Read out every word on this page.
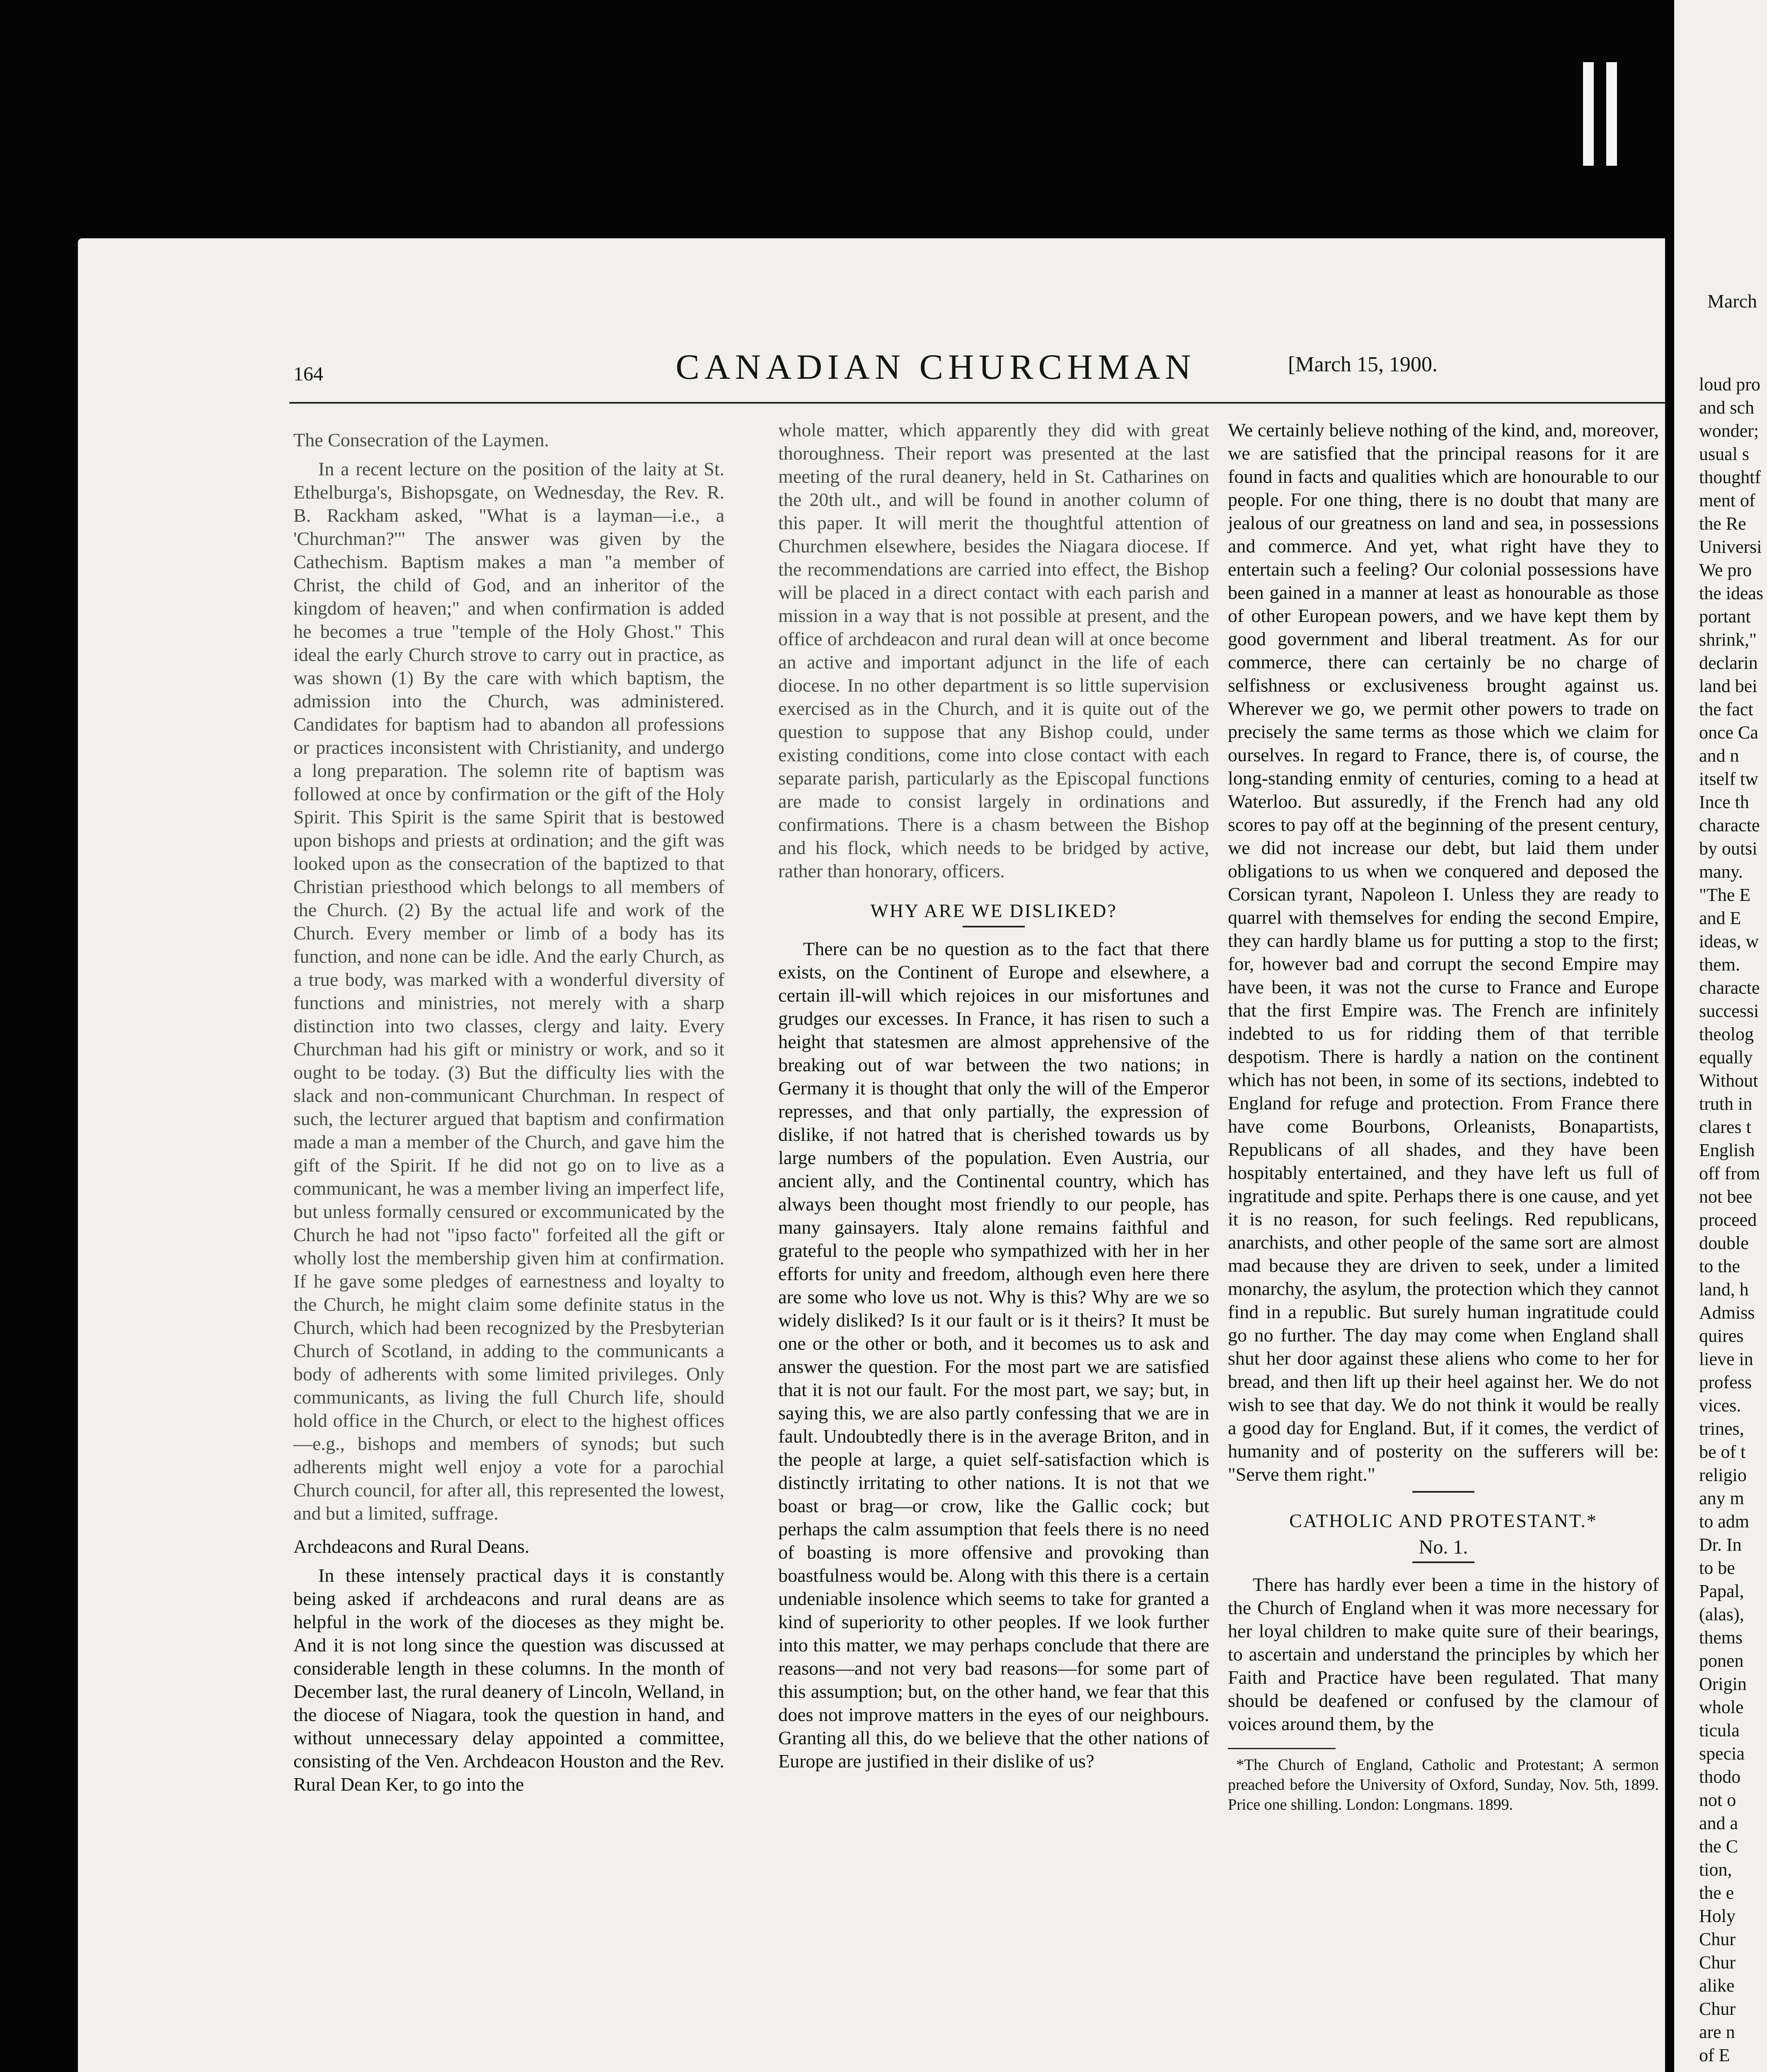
March
loud pro
and sch
wonder;
usual s
thoughtf
ment of
the Re
Universi
We pro
the ideas
portant
shrink,"
declarin
land bei
the fact
once Ca
and n
itself tw
Ince th
characte
by outsi
many.
"The E
and E
ideas, w
them.
characte
successi
theolog
equally
Without
truth in
clares t
English
off from
not bee
proceed
double
to the
land, h
Admiss
quires
lieve in
profess
vices.
trines,
be of t
religio
any m
to adm
Dr. In
to be
Papal,
(alas),
thems
ponen
Origin
whole
ticula
specia
thodo
not o
and a
the C
tion,
the e
Holy
Chur
Chur
alike
Chur
are n
of E
164	CANADIAN CHURCHMAN	[March 15, 1900.
The Consecration of the Laymen.

In a recent lecture on the position of the laity at St. Ethelburga's, Bishopsgate, on Wednesday, the Rev. R. B. Rackham asked, "What is a layman—i.e., a 'Churchman?'" The answer was given by the Cathechism. Baptism makes a man "a member of Christ, the child of God, and an inheritor of the kingdom of heaven;" and when confirmation is added he becomes a true "temple of the Holy Ghost." This ideal the early Church strove to carry out in practice, as was shown (1) By the care with which baptism, the admission into the Church, was administered. Candidates for baptism had to abandon all professions or practices inconsistent with Christianity, and undergo a long preparation. The solemn rite of baptism was followed at once by confirmation or the gift of the Holy Spirit. This Spirit is the same Spirit that is bestowed upon bishops and priests at ordination; and the gift was looked upon as the consecration of the baptized to that Christian priesthood which belongs to all members of the Church. (2) By the actual life and work of the Church. Every member or limb of a body has its function, and none can be idle. And the early Church, as a true body, was marked with a wonderful diversity of functions and ministries, not merely with a sharp distinction into two classes, clergy and laity. Every Churchman had his gift or ministry or work, and so it ought to be today. (3) But the difficulty lies with the slack and non-communicant Churchman. In respect of such, the lecturer argued that baptism and confirmation made a man a member of the Church, and gave him the gift of the Spirit. If he did not go on to live as a communicant, he was a member living an imperfect life, but unless formally censured or excommunicated by the Church he had not "ipso facto" forfeited all the gift or wholly lost the membership given him at confirmation. If he gave some pledges of earnestness and loyalty to the Church, he might claim some definite status in the Church, which had been recognized by the Presbyterian Church of Scotland, in adding to the communicants a body of adherents with some limited privileges. Only communicants, as living the full Church life, should hold office in the Church, or elect to the highest offices—e.g., bishops and members of synods; but such adherents might well enjoy a vote for a parochial Church council, for after all, this represented the lowest, and but a limited, suffrage.

Archdeacons and Rural Deans.

In these intensely practical days it is constantly being asked if archdeacons and rural deans are as helpful in the work of the dioceses as they might be. And it is not long since the question was discussed at considerable length in these columns. In the month of December last, the rural deanery of Lincoln, Welland, in the diocese of Niagara, took the question in hand, and without unnecessary delay appointed a committee, consisting of the Ven. Archdeacon Houston and the Rev. Rural Dean Ker, to go into the

whole matter, which apparently they did with great thoroughness. Their report was presented at the last meeting of the rural deanery, held in St. Catharines on the 20th ult., and will be found in another column of this paper. It will merit the thoughtful attention of Churchmen elsewhere, besides the Niagara diocese. If the recommendations are carried into effect, the Bishop will be placed in a direct contact with each parish and mission in a way that is not possible at present, and the office of archdeacon and rural dean will at once become an active and important adjunct in the life of each diocese. In no other department is so little supervision exercised as in the Church, and it is quite out of the question to suppose that any Bishop could, under existing conditions, come into close contact with each separate parish, particularly as the Episcopal functions are made to consist largely in ordinations and confirmations. There is a chasm between the Bishop and his flock, which needs to be bridged by active, rather than honorary, officers.

WHY ARE WE DISLIKED?

There can be no question as to the fact that there exists, on the Continent of Europe and elsewhere, a certain ill-will which rejoices in our misfortunes and grudges our excesses. In France, it has risen to such a height that statesmen are almost apprehensive of the breaking out of war between the two nations; in Germany it is thought that only the will of the Emperor represses, and that only partially, the expression of dislike, if not hatred that is cherished towards us by large numbers of the population. Even Austria, our ancient ally, and the Continental country, which has always been thought most friendly to our people, has many gainsayers. Italy alone remains faithful and grateful to the people who sympathized with her in her efforts for unity and freedom, although even here there are some who love us not. Why is this? Why are we so widely disliked? Is it our fault or is it theirs? It must be one or the other or both, and it becomes us to ask and answer the question. For the most part we are satisfied that it is not our fault. For the most part, we say; but, in saying this, we are also partly confessing that we are in fault. Undoubtedly there is in the average Briton, and in the people at large, a quiet self-satisfaction which is distinctly irritating to other nations. It is not that we boast or brag—or crow, like the Gallic cock; but perhaps the calm assumption that feels there is no need of boasting is more offensive and provoking than boastfulness would be. Along with this there is a certain undeniable insolence which seems to take for granted a kind of superiority to other peoples. If we look further into this matter, we may perhaps conclude that there are reasons—and not very bad reasons—for some part of this assumption; but, on the other hand, we fear that this does not improve matters in the eyes of our neighbours. Granting all this, do we believe that the other nations of Europe are justified in their dislike of us?

We certainly believe nothing of the kind, and, moreover, we are satisfied that the principal reasons for it are found in facts and qualities which are honourable to our people. For one thing, there is no doubt that many are jealous of our greatness on land and sea, in possessions and commerce. And yet, what right have they to entertain such a feeling? Our colonial possessions have been gained in a manner at least as honourable as those of other European powers, and we have kept them by good government and liberal treatment. As for our commerce, there can certainly be no charge of selfishness or exclusiveness brought against us. Wherever we go, we permit other powers to trade on precisely the same terms as those which we claim for ourselves. In regard to France, there is, of course, the long-standing enmity of centuries, coming to a head at Waterloo. But assuredly, if the French had any old scores to pay off at the beginning of the present century, we did not increase our debt, but laid them under obligations to us when we conquered and deposed the Corsican tyrant, Napoleon I. Unless they are ready to quarrel with themselves for ending the second Empire, they can hardly blame us for putting a stop to the first; for, however bad and corrupt the second Empire may have been, it was not the curse to France and Europe that the first Empire was. The French are infinitely indebted to us for ridding them of that terrible despotism. There is hardly a nation on the continent which has not been, in some of its sections, indebted to England for refuge and protection. From France there have come Bourbons, Orleanists, Bonapartists, Republicans of all shades, and they have been hospitably entertained, and they have left us full of ingratitude and spite. Perhaps there is one cause, and yet it is no reason, for such feelings. Red republicans, anarchists, and other people of the same sort are almost mad because they are driven to seek, under a limited monarchy, the asylum, the protection which they cannot find in a republic. But surely human ingratitude could go no further. The day may come when England shall shut her door against these aliens who come to her for bread, and then lift up their heel against her. We do not wish to see that day. We do not think it would be really a good day for England. But, if it comes, the verdict of humanity and of posterity on the sufferers will be: "Serve them right."

CATHOLIC AND PROTESTANT.*
No. 1.

There has hardly ever been a time in the history of the Church of England when it was more necessary for her loyal children to make quite sure of their bearings, to ascertain and understand the principles by which her Faith and Practice have been regulated. That many should be deafened or confused by the clamour of voices around them, by the

*The Church of England, Catholic and Protestant; A sermon preached before the University of Oxford, Sunday, Nov. 5th, 1899. Price one shilling. London: Longmans. 1899.
